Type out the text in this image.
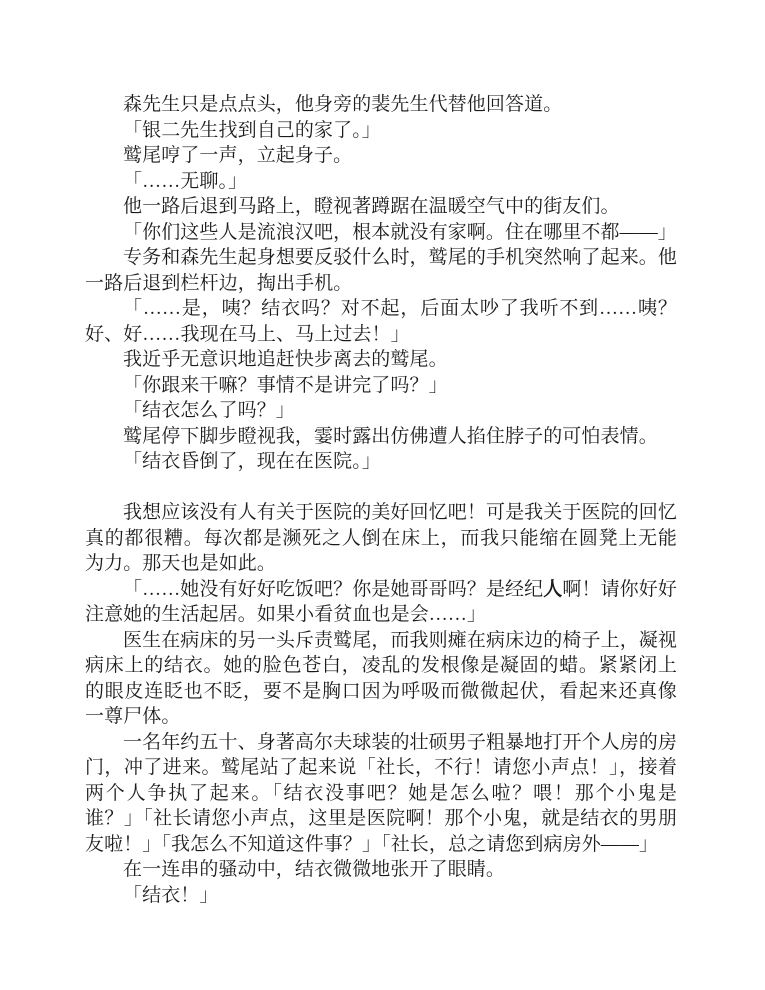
森先生只是点点头，他身旁的裴先生代替他回答道。

「银二先生找到自己的家了。」

鹫尾哼了一声，立起身子。

「……无聊。」

他一路后退到马路上，瞪视著蹲踞在温暖空气中的街友们。

「你们这些人是流浪汉吧，根本就没有家啊。住在哪里不都——」

专务和森先生起身想要反驳什么时，鹫尾的手机突然响了起来。他一路后退到栏杆边，掏出手机。

「……是，咦？结衣吗？对不起，后面太吵了我听不到……咦？好、好……我现在马上、马上过去！」

我近乎无意识地追赶快步离去的鹫尾。

「你跟来干嘛？事情不是讲完了吗？」

「结衣怎么了吗？」

鹫尾停下脚步瞪视我，霎时露出仿佛遭人掐住脖子的可怕表情。

「结衣昏倒了，现在在医院。」

我想应该没有人有关于医院的美好回忆吧！可是我关于医院的回忆真的都很糟。每次都是濒死之人倒在床上，而我只能缩在圆凳上无能为力。那天也是如此。

「……她没有好好吃饭吧？你是她哥哥吗？是经纪人啊！请你好好注意她的生活起居。如果小看贫血也是会……」

医生在病床的另一头斥责鹫尾，而我则瘫在病床边的椅子上，凝视病床上的结衣。她的脸色苍白，凌乱的发根像是凝固的蜡。紧紧闭上的眼皮连眨也不眨，要不是胸口因为呼吸而微微起伏，看起来还真像一尊尸体。

一名年约五十、身著高尔夫球装的壮硕男子粗暴地打开个人房的房门，冲了进来。鹫尾站了起来说「社长，不行！请您小声点！」，接着两个人争执了起来。「结衣没事吧？她是怎么啦？喂！那个小鬼是谁？」「社长请您小声点，这里是医院啊！那个小鬼，就是结衣的男朋友啦！」「我怎么不知道这件事？」「社长，总之请您到病房外——」

在一连串的骚动中，结衣微微地张开了眼睛。

「结衣！」
